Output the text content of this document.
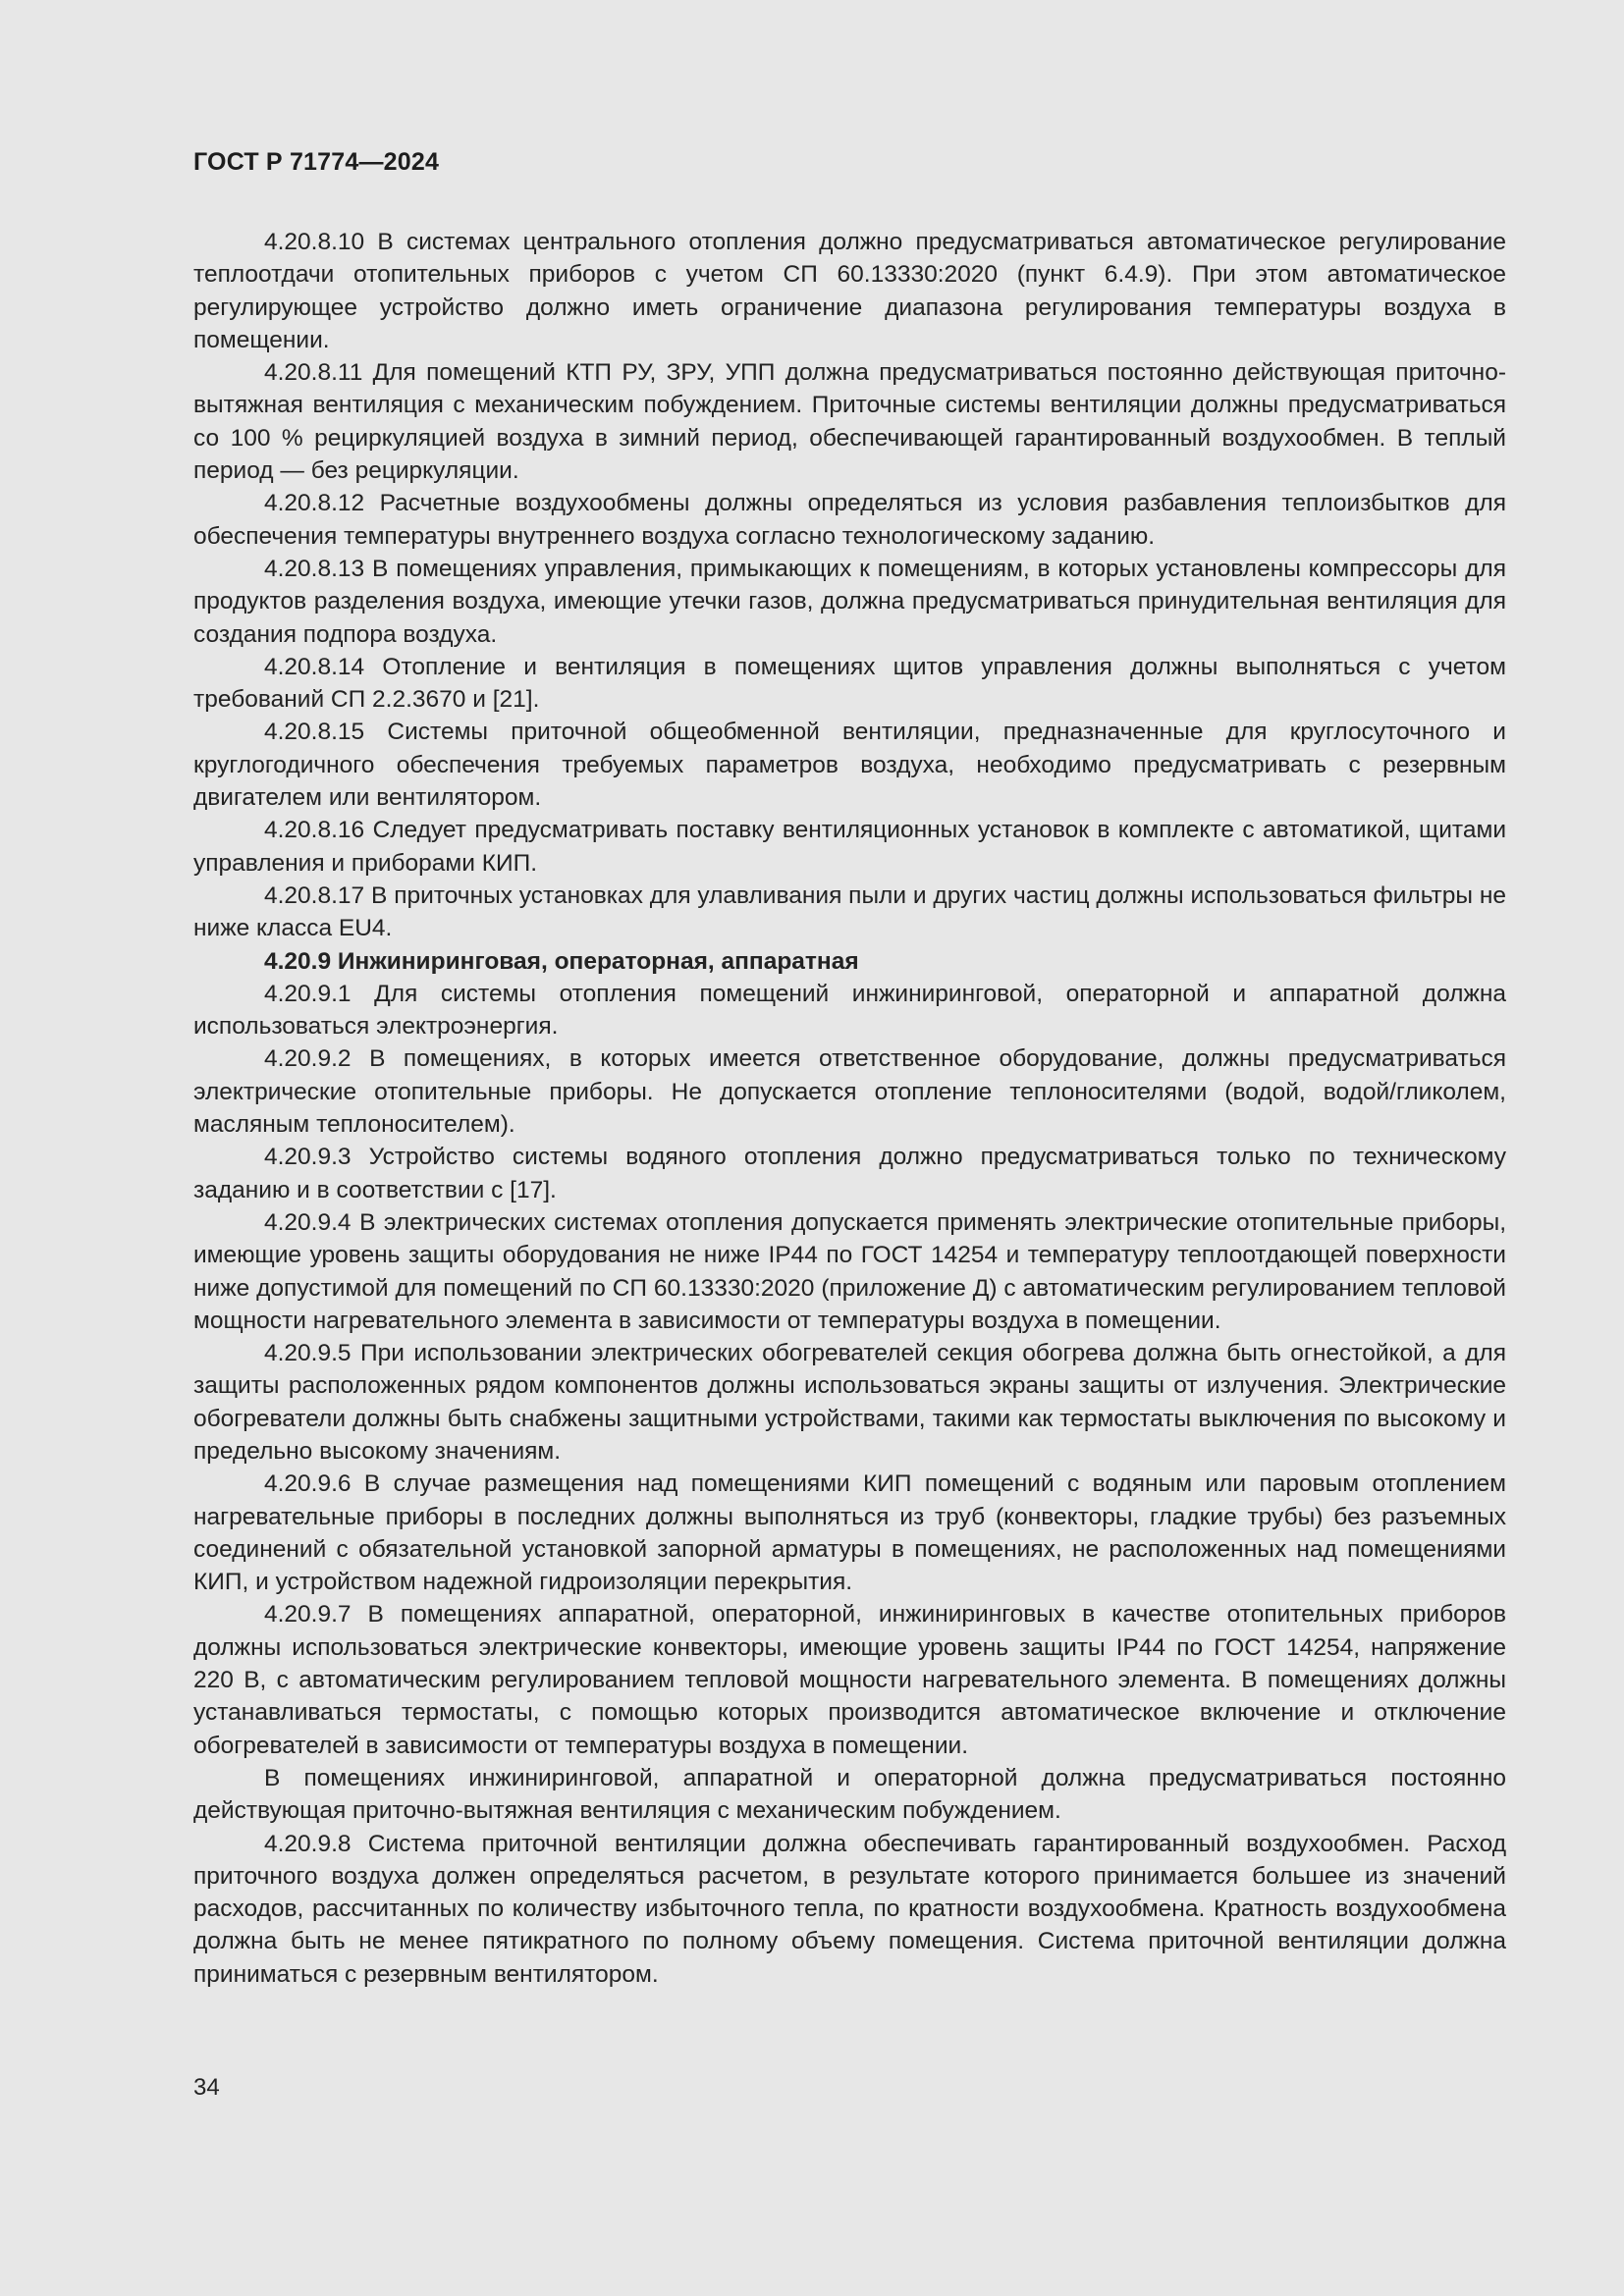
ГОСТ Р 71774—2024

4.20.8.10 В системах центрального отопления должно предусматриваться автоматическое регулирование теплоотдачи отопительных приборов с учетом СП 60.13330:2020 (пункт 6.4.9). При этом автоматическое регулирующее устройство должно иметь ограничение диапазона регулирования температуры воздуха в помещении.

4.20.8.11 Для помещений КТП РУ, ЗРУ, УПП должна предусматриваться постоянно действующая приточно-вытяжная вентиляция с механическим побуждением. Приточные системы вентиляции должны предусматриваться со 100 % рециркуляцией воздуха в зимний период, обеспечивающей гарантированный воздухообмен. В теплый период — без рециркуляции.

4.20.8.12 Расчетные воздухообмены должны определяться из условия разбавления теплоизбытков для обеспечения температуры внутреннего воздуха согласно технологическому заданию.

4.20.8.13 В помещениях управления, примыкающих к помещениям, в которых установлены компрессоры для продуктов разделения воздуха, имеющие утечки газов, должна предусматриваться принудительная вентиляция для создания подпора воздуха.

4.20.8.14 Отопление и вентиляция в помещениях щитов управления должны выполняться с учетом требований СП 2.2.3670 и [21].

4.20.8.15 Системы приточной общеобменной вентиляции, предназначенные для круглосуточного и круглогодичного обеспечения требуемых параметров воздуха, необходимо предусматривать с резервным двигателем или вентилятором.

4.20.8.16 Следует предусматривать поставку вентиляционных установок в комплекте с автоматикой, щитами управления и приборами КИП.

4.20.8.17 В приточных установках для улавливания пыли и других частиц должны использоваться фильтры не ниже класса EU4.

4.20.9 Инжиниринговая, операторная, аппаратная

4.20.9.1 Для системы отопления помещений инжиниринговой, операторной и аппаратной должна использоваться электроэнергия.

4.20.9.2 В помещениях, в которых имеется ответственное оборудование, должны предусматриваться электрические отопительные приборы. Не допускается отопление теплоносителями (водой, водой/гликолем, масляным теплоносителем).

4.20.9.3 Устройство системы водяного отопления должно предусматриваться только по техническому заданию и в соответствии с [17].

4.20.9.4 В электрических системах отопления допускается применять электрические отопительные приборы, имеющие уровень защиты оборудования не ниже IP44 по ГОСТ 14254 и температуру теплоотдающей поверхности ниже допустимой для помещений по СП 60.13330:2020 (приложение Д) с автоматическим регулированием тепловой мощности нагревательного элемента в зависимости от температуры воздуха в помещении.

4.20.9.5 При использовании электрических обогревателей секция обогрева должна быть огнестойкой, а для защиты расположенных рядом компонентов должны использоваться экраны защиты от излучения. Электрические обогреватели должны быть снабжены защитными устройствами, такими как термостаты выключения по высокому и предельно высокому значениям.

4.20.9.6 В случае размещения над помещениями КИП помещений с водяным или паровым отоплением нагревательные приборы в последних должны выполняться из труб (конвекторы, гладкие трубы) без разъемных соединений с обязательной установкой запорной арматуры в помещениях, не расположенных над помещениями КИП, и устройством надежной гидроизоляции перекрытия.

4.20.9.7 В помещениях аппаратной, операторной, инжиниринговых в качестве отопительных приборов должны использоваться электрические конвекторы, имеющие уровень защиты IP44 по ГОСТ 14254, напряжение 220 В, с автоматическим регулированием тепловой мощности нагревательного элемента. В помещениях должны устанавливаться термостаты, с помощью которых производится автоматическое включение и отключение обогревателей в зависимости от температуры воздуха в помещении.

В помещениях инжиниринговой, аппаратной и операторной должна предусматриваться постоянно действующая приточно-вытяжная вентиляция с механическим побуждением.

4.20.9.8 Система приточной вентиляции должна обеспечивать гарантированный воздухообмен. Расход приточного воздуха должен определяться расчетом, в результате которого принимается большее из значений расходов, рассчитанных по количеству избыточного тепла, по кратности воздухообмена. Кратность воздухообмена должна быть не менее пятикратного по полному объему помещения. Система приточной вентиляции должна приниматься с резервным вентилятором.

34
